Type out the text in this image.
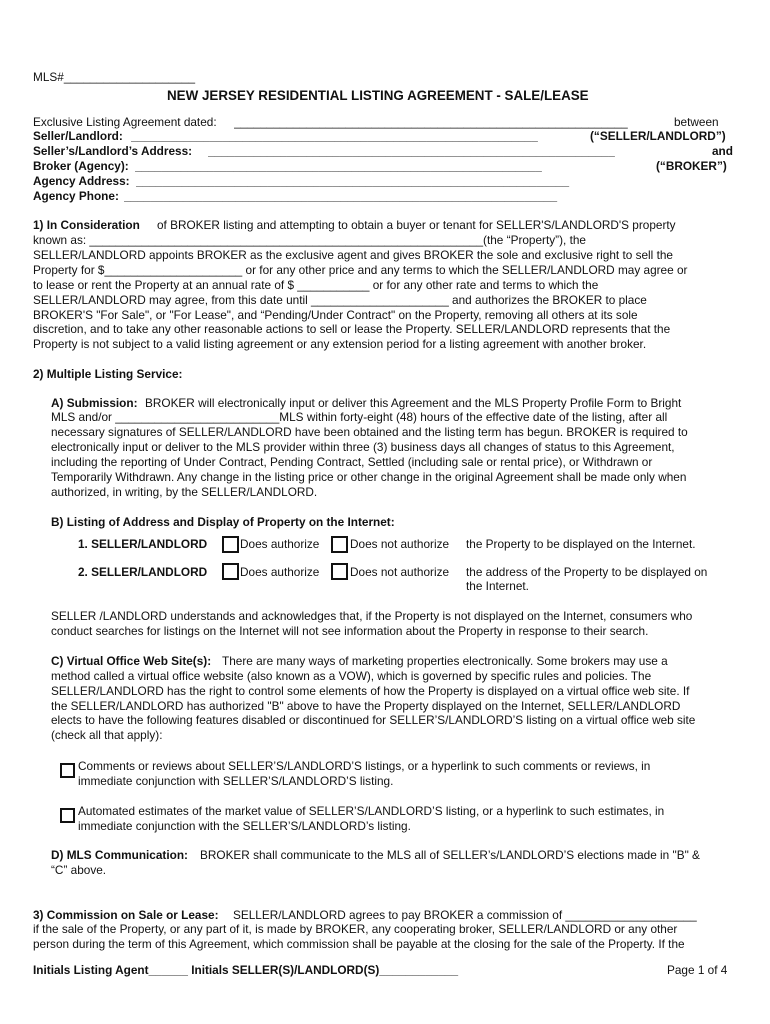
MLS#____________________
NEW JERSEY RESIDENTIAL LISTING AGREEMENT - SALE/LEASE
Exclusive Listing Agreement dated: ____________________________________________________________	between
Seller/Landlord: ______________________________________________________________	(“SELLER/LANDLORD”)
Seller’s/Landlord’s Address: ______________________________________________________________	and
Broker (Agency): ______________________________________________________________	(“BROKER”)
Agency Address: __________________________________________________________________
Agency Phone: __________________________________________________________________
1) In Consideration of BROKER listing and attempting to obtain a buyer or tenant for SELLER'S/LANDLORD'S property
known as: ____________________________________________________________(the “Property”), the
SELLER/LANDLORD appoints BROKER as the exclusive agent and gives BROKER the sole and exclusive right to sell the
Property for $_____________________ or for any other price and any terms to which the SELLER/LANDLORD may agree or
to lease or rent the Property at an annual rate of $ ___________ or for any other rate and terms to which the
SELLER/LANDLORD may agree, from this date until _____________________ and authorizes the BROKER to place
BROKER'S "For Sale", or "For Lease", and “Pending/Under Contract" on the Property, removing all others at its sole
discretion, and to take any other reasonable actions to sell or lease the Property. SELLER/LANDLORD represents that the
Property is not subject to a valid listing agreement or any extension period for a listing agreement with another broker.
2) Multiple Listing Service:
A) Submission: BROKER will electronically input or deliver this Agreement and the MLS Property Profile Form to Bright
MLS and/or _________________________MLS within forty-eight (48) hours of the effective date of the listing, after all
necessary signatures of SELLER/LANDLORD have been obtained and the listing term has begun. BROKER is required to
electronically input or deliver to the MLS provider within three (3) business days all changes of status to this Agreement,
including the reporting of Under Contract, Pending Contract, Settled (including sale or rental price), or Withdrawn or
Temporarily Withdrawn. Any change in the listing price or other change in the original Agreement shall be made only when
authorized, in writing, by the SELLER/LANDLORD.
B) Listing of Address and Display of Property on the Internet:
1. SELLER/LANDLORD	Does authorize	Does not authorize the Property to be displayed on the Internet.
2. SELLER/LANDLORD	Does authorize	Does not authorize the address of the Property to be displayed on
the Internet.
SELLER /LANDLORD understands and acknowledges that, if the Property is not displayed on the Internet, consumers who
conduct searches for listings on the Internet will not see information about the Property in response to their search.
C) Virtual Office Web Site(s): There are many ways of marketing properties electronically. Some brokers may use a
method called a virtual office website (also known as a VOW), which is governed by specific rules and policies. The
SELLER/LANDLORD has the right to control some elements of how the Property is displayed on a virtual office web site. If
the SELLER/LANDLORD has authorized "B" above to have the Property displayed on the Internet, SELLER/LANDLORD
elects to have the following features disabled or discontinued for SELLER’S/LANDLORD’S listing on a virtual office web site
(check all that apply):
Comments or reviews about SELLER’S/LANDLORD’S listings, or a hyperlink to such comments or reviews, in
immediate conjunction with SELLER’S/LANDLORD’S listing.
Automated estimates of the market value of SELLER’S/LANDLORD’S listing, or a hyperlink to such estimates, in
immediate conjunction with the SELLER’S/LANDLORD’s listing.
D) MLS Communication: BROKER shall communicate to the MLS all of SELLER’s/LANDLORD’S elections made in "B" &
“C” above.
3) Commission on Sale or Lease: SELLER/LANDLORD agrees to pay BROKER a commission of ____________________
if the sale of the Property, or any part of it, is made by BROKER, any cooperating broker, SELLER/LANDLORD or any other
person during the term of this Agreement, which commission shall be payable at the closing for the sale of the Property. If the
Initials Listing Agent______ Initials SELLER(S)/LANDLORD(S)____________	Page 1 of 4
